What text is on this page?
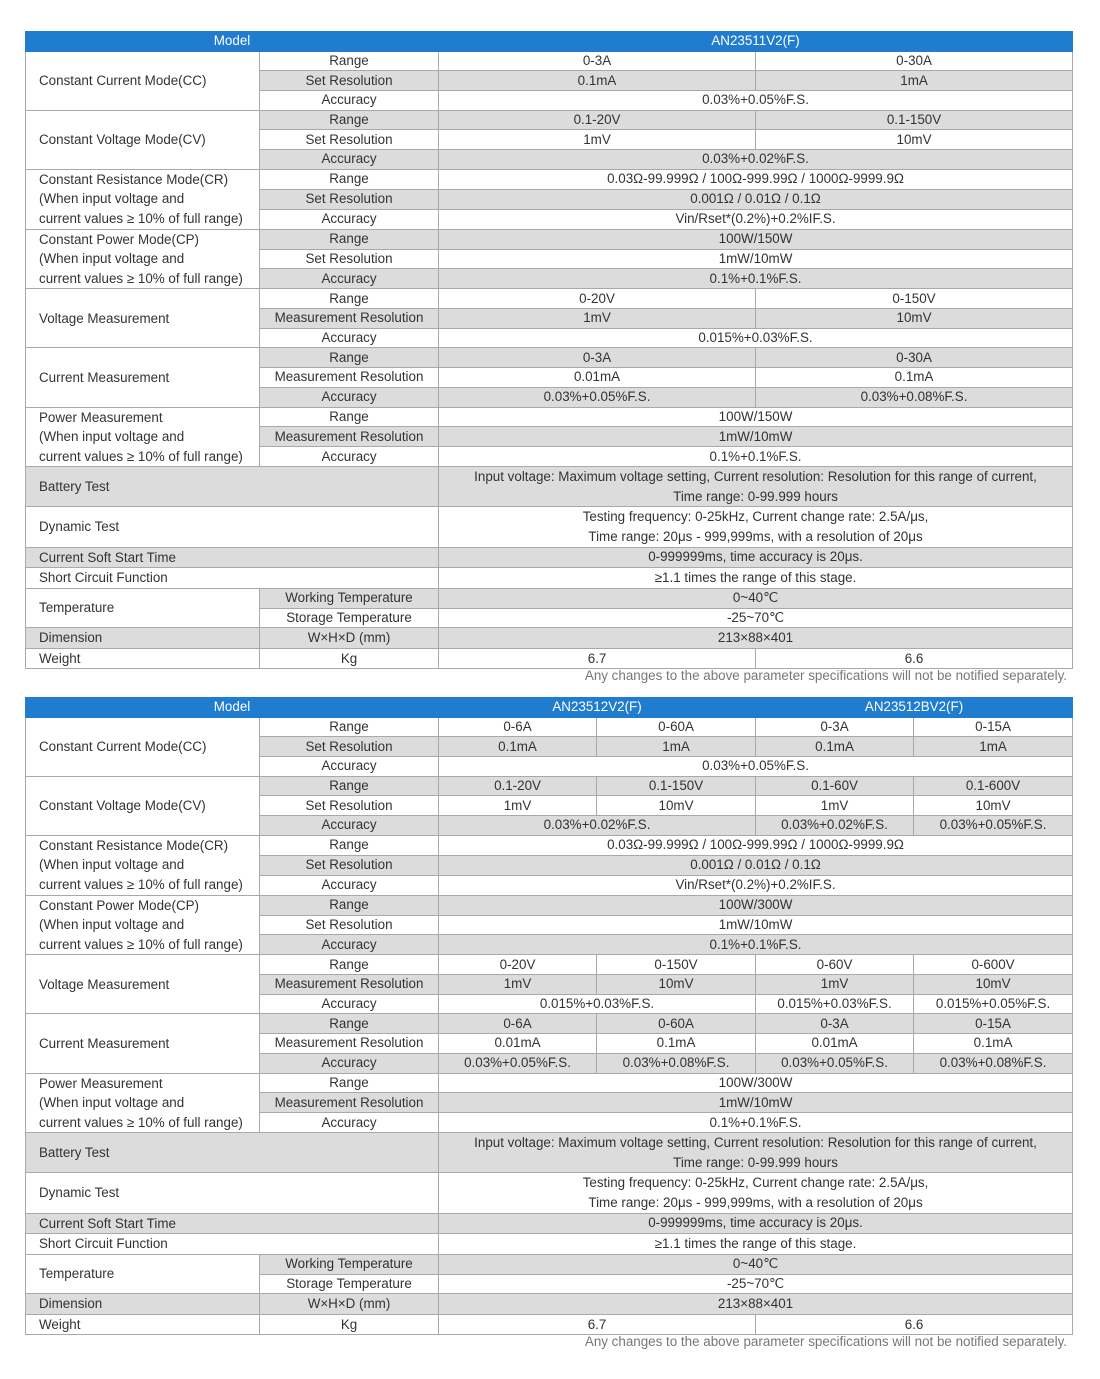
Model		AN23511V2(F)	
Constant Current Mode(CC)	Range	0-3A	0-30A
	Set Resolution	0.1mA	1mA
	Accuracy	0.03%+0.05%F.S.	
Constant Voltage Mode(CV)	Range	0.1-20V	0.1-150V
	Set Resolution	1mV	10mV
	Accuracy	0.03%+0.02%F.S.	

Constant Resistance Mode(CR)
(When input voltage and
current values ≥ 10% of full range)	Range	0.03Ω-99.999Ω / 100Ω-999.99Ω / 1000Ω-9999.9Ω	
	Set Resolution	0.001Ω / 0.01Ω / 0.1Ω	
	Accuracy	Vin/Rset*(0.2%)+0.2%IF.S.	

Constant Power Mode(CP)
(When input voltage and
current values ≥ 10% of full range)	Range	100W/150W	
	Set Resolution	1mW/10mW	
	Accuracy	0.1%+0.1%F.S.	
Voltage Measurement	Range	0-20V	0-150V
	Measurement Resolution	1mV	10mV
	Accuracy	0.015%+0.03%F.S.	
Current Measurement	Range	0-3A	0-30A
	Measurement Resolution	0.01mA	0.1mA
	Accuracy	0.03%+0.05%F.S.	0.03%+0.08%F.S.

Power Measurement
(When input voltage and
current values ≥ 10% of full range)	Range	100W/150W	
	Measurement Resolution	1mW/10mW	
	Accuracy	0.1%+0.1%F.S.	
Battery Test		Input voltage: Maximum voltage setting, Current resolution: Resolution for this range of current,
Time range: 0-99.999 hours	

Dynamic Test		Testing frequency: 0-25kHz, Current change rate: 2.5A/μs,
Time range: 20μs - 999,999ms, with a resolution of 20μs	

Current Soft Start Time		0-999999ms, time accuracy is 20μs.	
Short Circuit Function		≥1.1 times the range of this stage.	
Temperature	Working Temperature	0~40℃	
	Storage Temperature	-25~70℃	
Dimension	W×H×D (mm)	213×88×401	
Weight	Kg	6.7	6.6
Any changes to the above parameter specifications will not be notified separately.
Model		AN23512V2(F)		AN23512BV2(F)	
Constant Current Mode(CC)	Range	0-6A	0-60A	0-3A	0-15A
	Set Resolution	0.1mA	1mA	0.1mA	1mA
	Accuracy	0.03%+0.05%F.S.			
Constant Voltage Mode(CV)	Range	0.1-20V	0.1-150V	0.1-60V	0.1-600V
	Set Resolution	1mV	10mV	1mV	10mV
	Accuracy	0.03%+0.02%F.S.		0.03%+0.02%F.S.	0.03%+0.05%F.S.

Constant Resistance Mode(CR)
(When input voltage and
current values ≥ 10% of full range)	Range	0.03Ω-99.999Ω / 100Ω-999.99Ω / 1000Ω-9999.9Ω			
	Set Resolution	0.001Ω / 0.01Ω / 0.1Ω			
	Accuracy	Vin/Rset*(0.2%)+0.2%IF.S.			

Constant Power Mode(CP)
(When input voltage and
current values ≥ 10% of full range)	Range	100W/300W			
	Set Resolution	1mW/10mW			
	Accuracy	0.1%+0.1%F.S.			
Voltage Measurement	Range	0-20V	0-150V	0-60V	0-600V
	Measurement Resolution	1mV	10mV	1mV	10mV
	Accuracy	0.015%+0.03%F.S.		0.015%+0.03%F.S.	0.015%+0.05%F.S.
Current Measurement	Range	0-6A	0-60A	0-3A	0-15A
	Measurement Resolution	0.01mA	0.1mA	0.01mA	0.1mA
	Accuracy	0.03%+0.05%F.S.	0.03%+0.08%F.S.	0.03%+0.05%F.S.	0.03%+0.08%F.S.

Power Measurement
(When input voltage and
current values ≥ 10% of full range)	Range	100W/300W			
	Measurement Resolution	1mW/10mW			
	Accuracy	0.1%+0.1%F.S.			
Battery Test		Input voltage: Maximum voltage setting, Current resolution: Resolution for this range of current,
Time range: 0-99.999 hours			

Dynamic Test		Testing frequency: 0-25kHz, Current change rate: 2.5A/μs,
Time range: 20μs - 999,999ms, with a resolution of 20μs			

Current Soft Start Time		0-999999ms, time accuracy is 20μs.			
Short Circuit Function		≥1.1 times the range of this stage.			
Temperature	Working Temperature	0~40℃			
	Storage Temperature	-25~70℃			
Dimension	W×H×D (mm)	213×88×401			
Weight	Kg	6.7		6.6	
Any changes to the above parameter specifications will not be notified separately.
